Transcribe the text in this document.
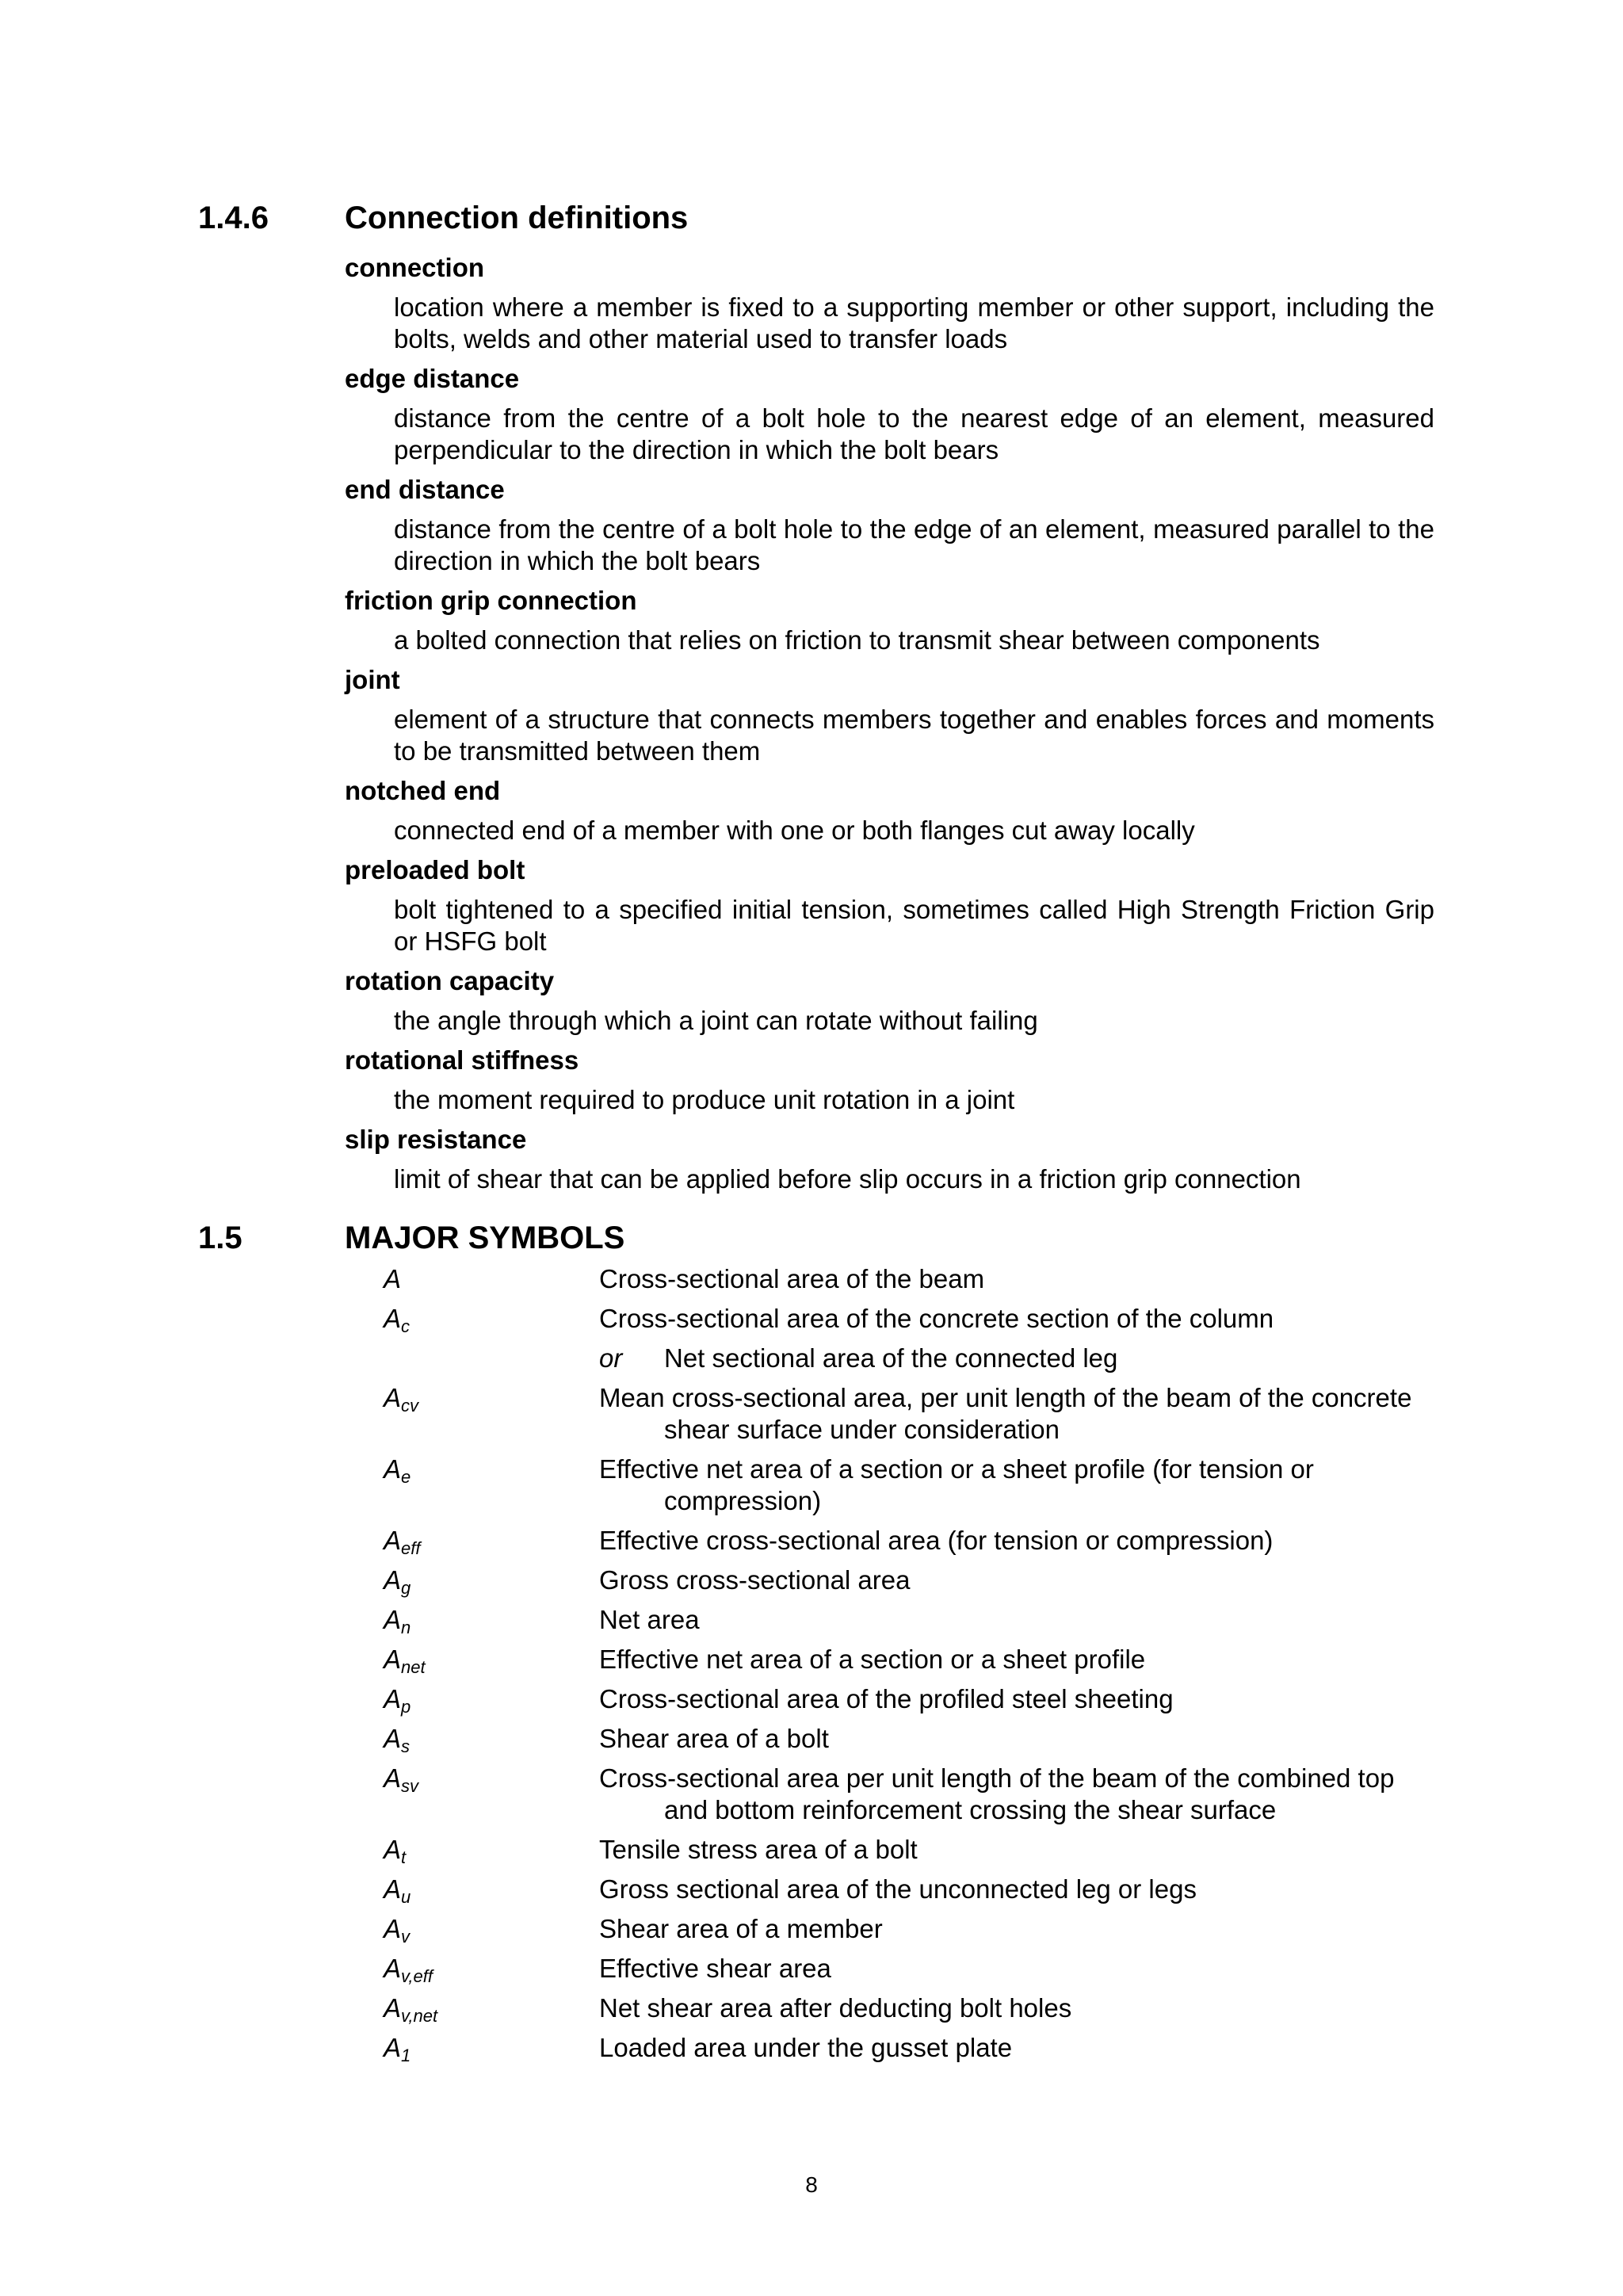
1.4.6 Connection definitions

connection

location where a member is fixed to a supporting member or other support, including the bolts, welds and other material used to transfer loads

edge distance

distance from the centre of a bolt hole to the nearest edge of an element, measured perpendicular to the direction in which the bolt bears

end distance

distance from the centre of a bolt hole to the edge of an element, measured parallel to the direction in which the bolt bears

friction grip connection

a bolted connection that relies on friction to transmit shear between components

joint

element of a structure that connects members together and enables forces and moments to be transmitted between them

notched end

connected end of a member with one or both flanges cut away locally

preloaded bolt

bolt tightened to a specified initial tension, sometimes called High Strength Friction Grip or HSFG bolt

rotation capacity

the angle through which a joint can rotate without failing

rotational stiffness

the moment required to produce unit rotation in a joint

slip resistance

limit of shear that can be applied before slip occurs in a friction grip connection

1.5	MAJOR SYMBOLS
A	Cross-sectional area of the beam
$A_c$	Cross-sectional area of the concrete section of the column
or Net sectional area of the connected leg
$A_{cv}$	Mean cross-sectional area, per unit length of the beam of the concrete shear surface under consideration
$A_e$	Effective net area of a section or a sheet profile (for tension or compression)
$A_{eff}$	Effective cross-sectional area (for tension or compression)
$A_g$	Gross cross-sectional area
$A_n$	Net area
$A_{net}$	Effective net area of a section or a sheet profile
$A_p$	Cross-sectional area of the profiled steel sheeting
$A_s$	Shear area of a bolt
$A_{sv}$	Cross-sectional area per unit length of the beam of the combined top and bottom reinforcement crossing the shear surface
$A_t$	Tensile stress area of a bolt
$A_u$	Gross sectional area of the unconnected leg or legs
$A_v$	Shear area of a member
$A_{v,eff}$	Effective shear area
$A_{v,net}$	Net shear area after deducting bolt holes
$A_1$	Loaded area under the gusset plate
8
